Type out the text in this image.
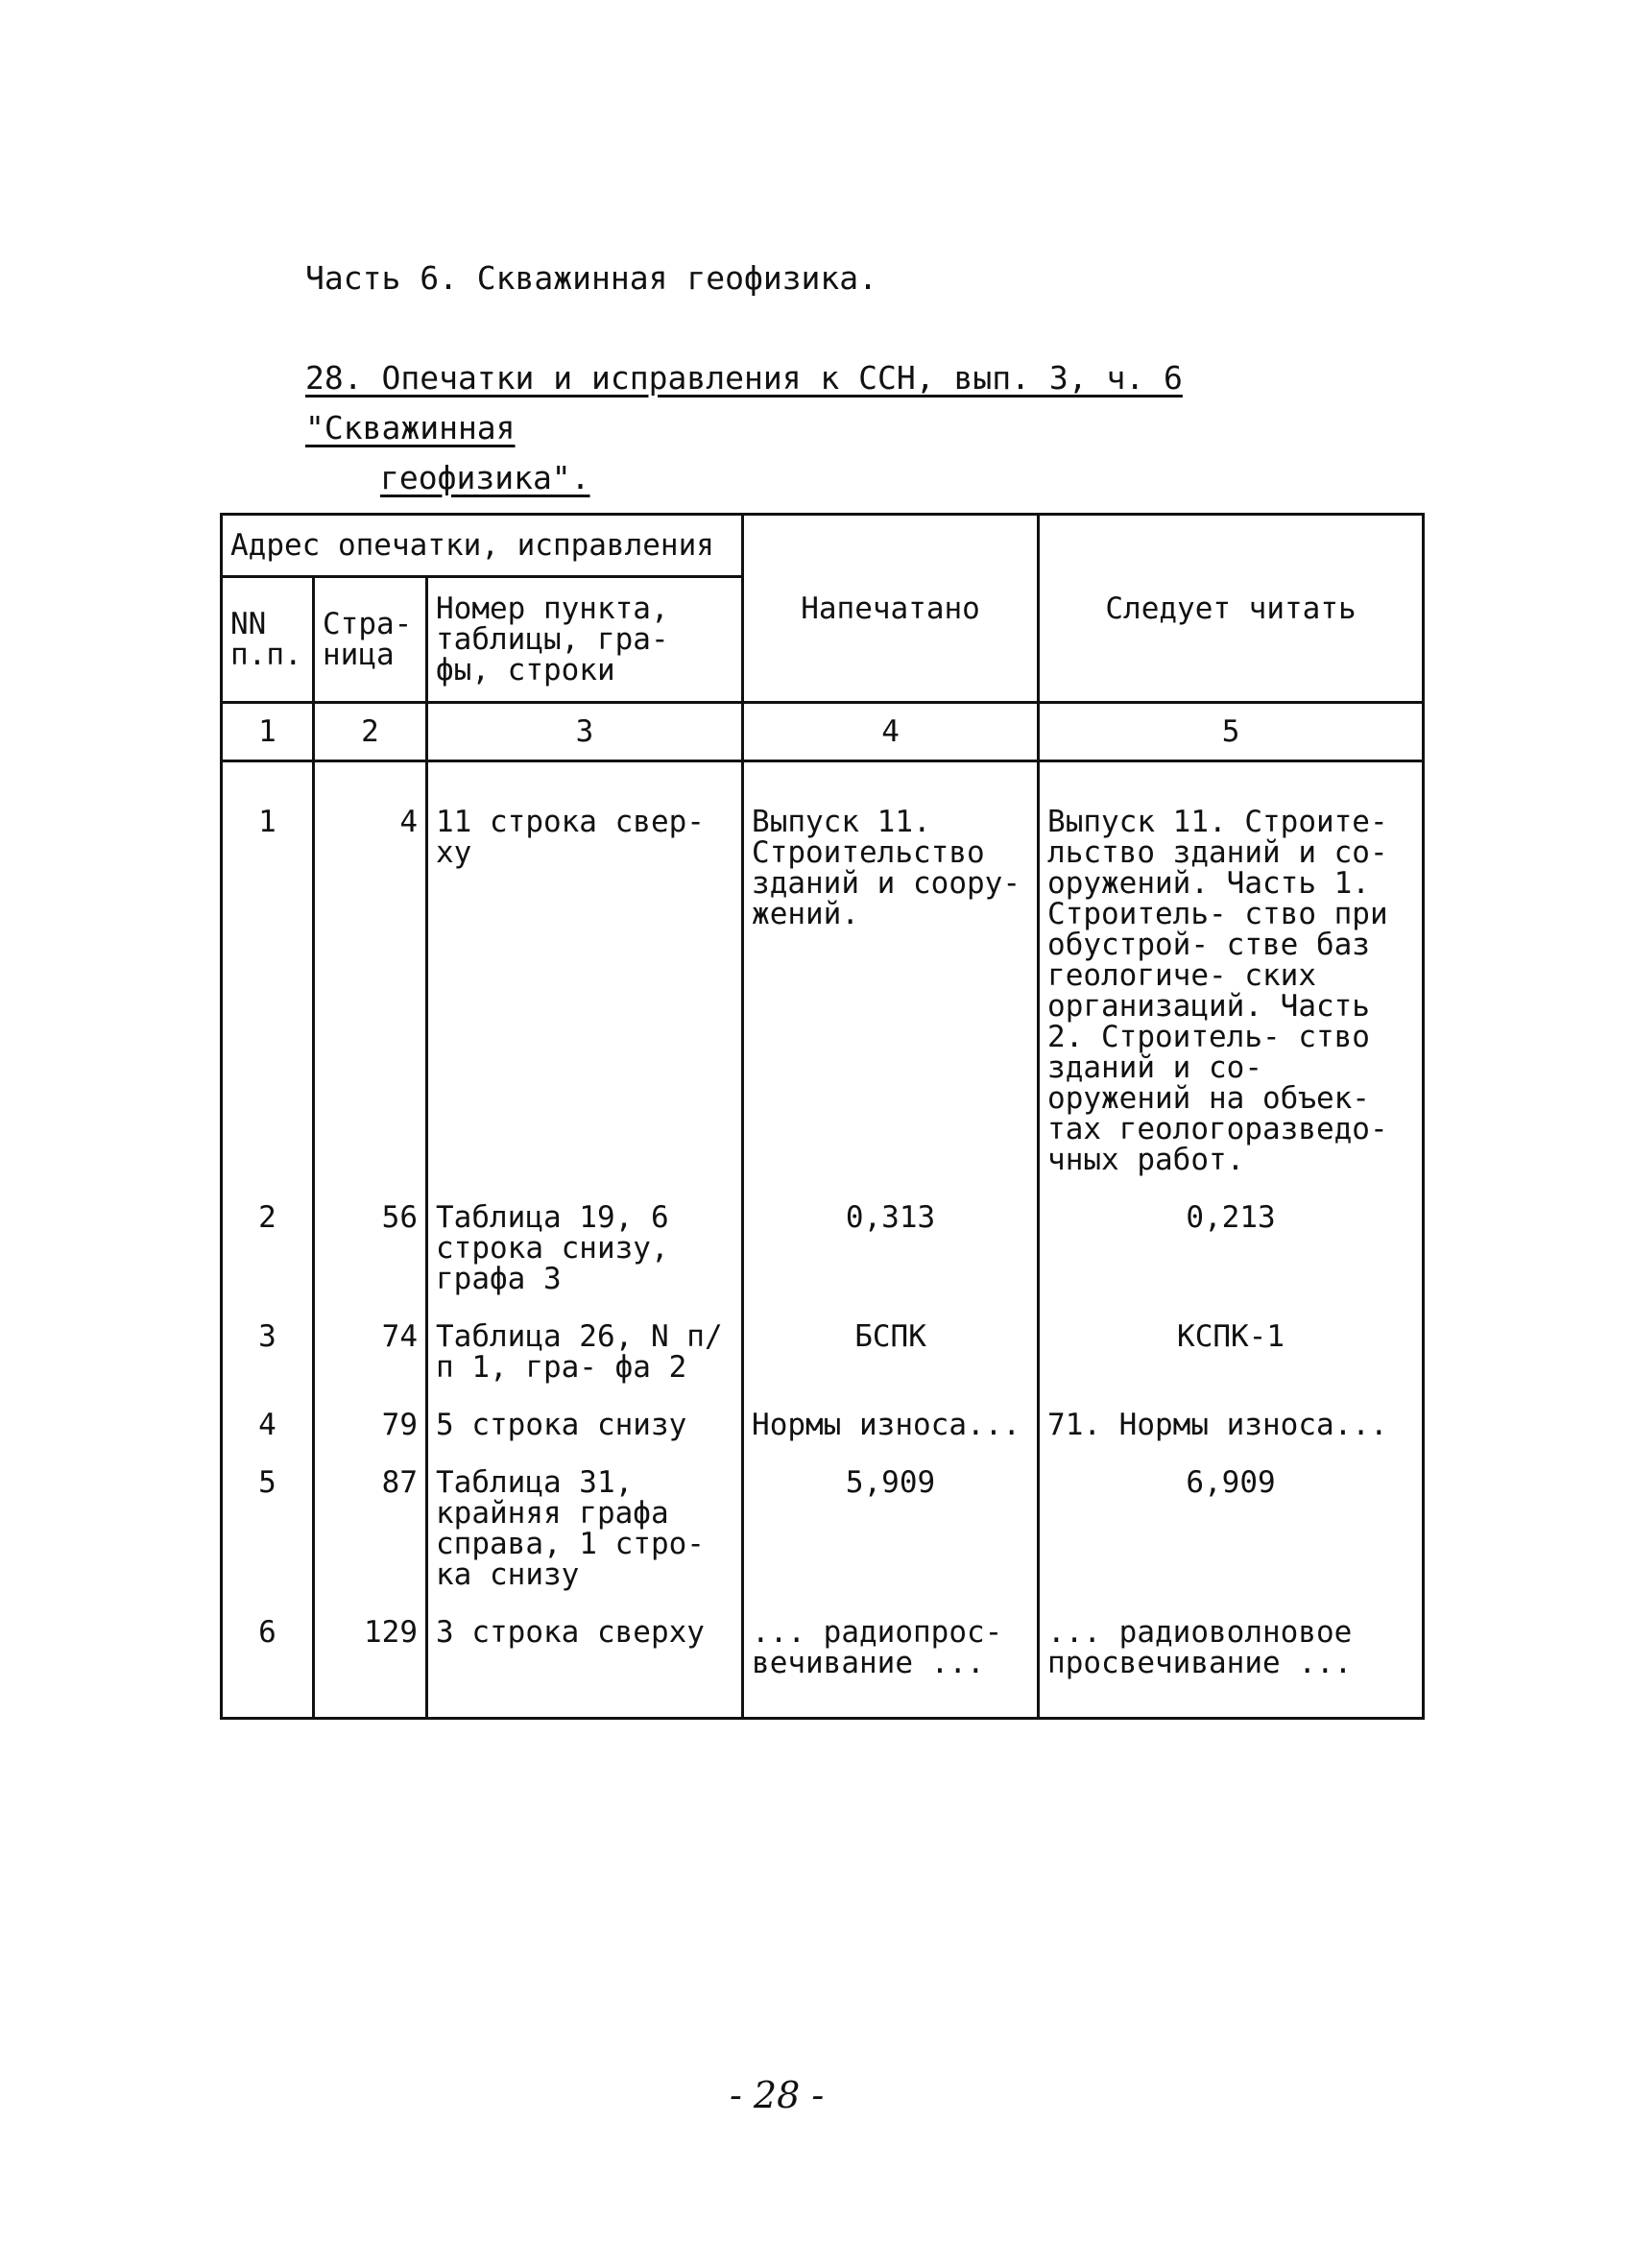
Часть 6. Скважинная геофизика.
28. Опечатки и исправления к ССН, вып. 3, ч. 6 "Скважинная
геофизика".
Адрес опечатки, исправления			Напечатано	Следует читать
NN п.п.	Стра- ница	Номер пункта, таблицы, гра- фы, строки		
1	2	3	4	5
1	4	11 строка свер- ху	Выпуск 11. Строительство зданий и соору- жений.	Выпуск 11. Строите- льство зданий и со- оружений. Часть 1. Строитель- ство при обустрой- стве баз геологиче- ских организаций. Часть 2. Строитель- ство зданий и со- оружений на объек- тах геологоразведо- чных работ.
2	56	Таблица 19, 6 строка снизу, графа 3	0,313	0,213
3	74	Таблица 26, N п/п 1, гра- фа 2	БСПК	КСПК-1
4	79	5 строка снизу	Нормы износа...	71. Нормы износа...
5	87	Таблица 31, крайняя графа справа, 1 стро- ка снизу	5,909	6,909
6	129	3 строка сверху	... радиопрос- вечивание ...	... радиоволновое просвечивание ...
- 28 -
